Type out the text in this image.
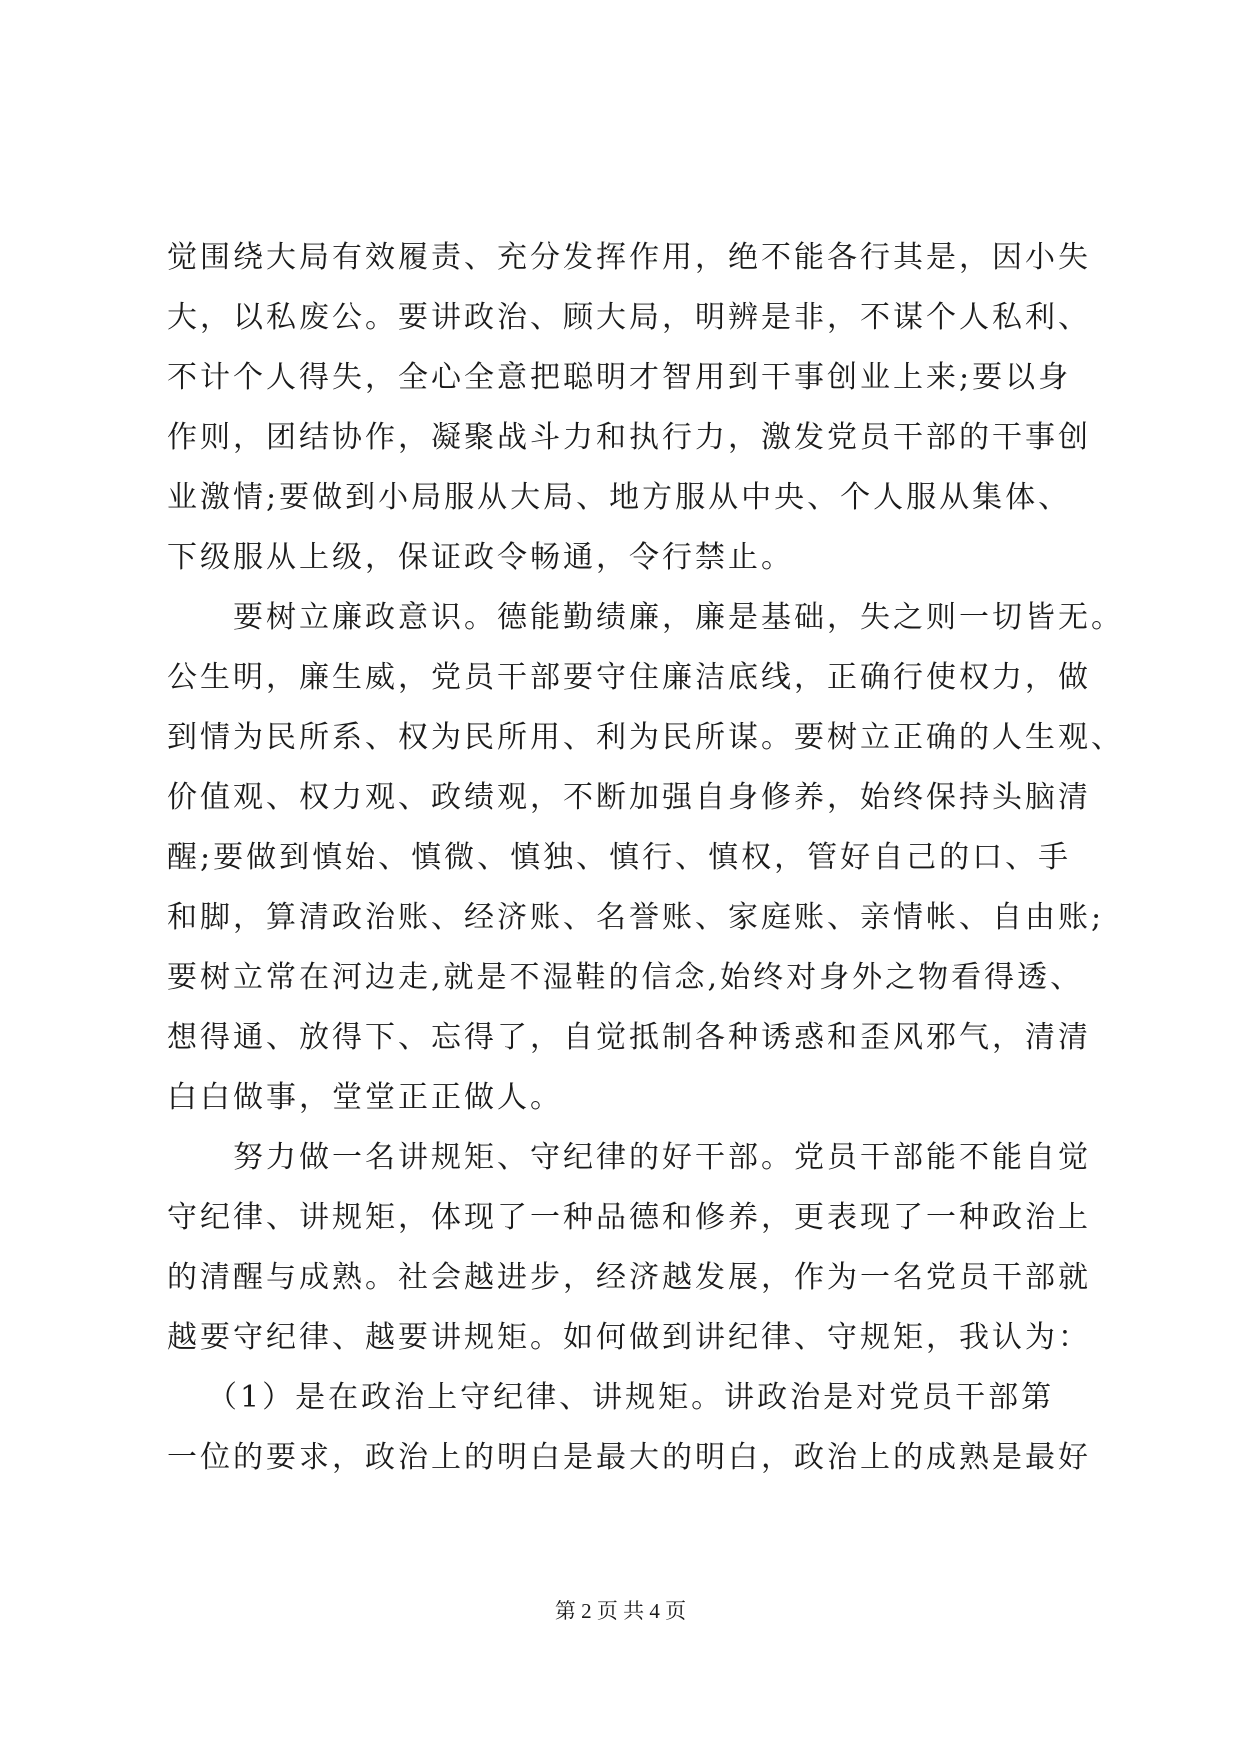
觉围绕大局有效履责、充分发挥作用，绝不能各行其是，因小失
大，以私废公。要讲政治、顾大局，明辨是非，不谋个人私利、
不计个人得失，全心全意把聪明才智用到干事创业上来;要以身
作则，团结协作，凝聚战斗力和执行力，激发党员干部的干事创
业激情;要做到小局服从大局、地方服从中央、个人服从集体、
下级服从上级，保证政令畅通，令行禁止。
要树立廉政意识。德能勤绩廉，廉是基础，失之则一切皆无。
公生明，廉生威，党员干部要守住廉洁底线，正确行使权力，做
到情为民所系、权为民所用、利为民所谋。要树立正确的人生观、
价值观、权力观、政绩观，不断加强自身修养，始终保持头脑清
醒;要做到慎始、慎微、慎独、慎行、慎权，管好自己的口、手
和脚，算清政治账、经济账、名誉账、家庭账、亲情帐、自由账;
要树立常在河边走,就是不湿鞋的信念,始终对身外之物看得透、
想得通、放得下、忘得了，自觉抵制各种诱惑和歪风邪气，清清
白白做事，堂堂正正做人。
努力做一名讲规矩、守纪律的好干部。党员干部能不能自觉
守纪律、讲规矩，体现了一种品德和修养，更表现了一种政治上
的清醒与成熟。社会越进步，经济越发展，作为一名党员干部就
越要守纪律、越要讲规矩。如何做到讲纪律、守规矩，我认为：
（1）是在政治上守纪律、讲规矩。讲政治是对党员干部第
一位的要求，政治上的明白是最大的明白，政治上的成熟是最好
第 2 页 共 4 页
